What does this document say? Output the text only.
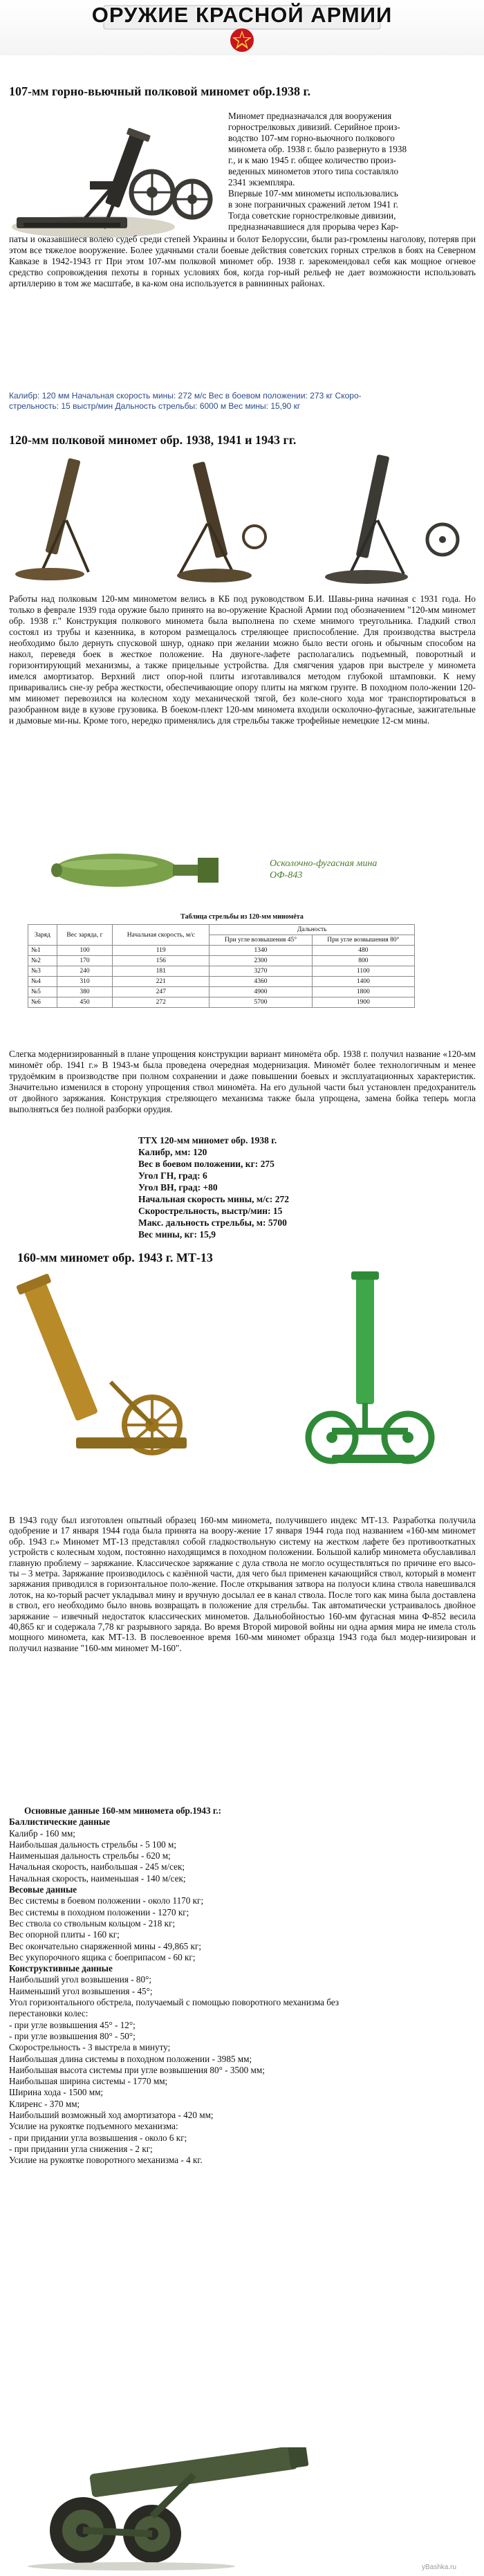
ОРУЖИЕ КРАСНОЙ АРМИИ
107-мм горно-вьючный полковой миномет обр.1938 г.
Миномет предназначался для вооружения
горнострелковых дивизий. Серийное произ-
водство 107-мм горно-вьючного полкового
миномета обр. 1938 г. было развернуто в 1938
г., и к маю 1945 г. общее количество произ-
веденных минометов этого типа составляло
2341 экземпляра.
Впервые 107-мм минометы использовались
в зоне пограничных сражений летом 1941 г.
Тогда советские горнострелковые дивизии,
предназначавшиеся для прорыва через Кар-

паты и оказавшиеся волею судеб среди степей Украины и болот Белоруссии, были раз-громлены наголову, потеряв при этом все тяжелое вооружение. Более удачными стали боевые действия советских горных стрелков в боях на Северном Кавказе в 1942-1943 гг При этом 107-мм полковой миномет обр. 1938 г. зарекомендовал себя как мощное огневое средство сопровождения пехоты в горных условиях боя, когда гор-ный рельеф не дает возможности использовать артиллерию в том же масштабе, в ка-ком она используется в равнинных районах.

Калибр: 120 мм Начальная скорость мины: 272 м/с Вес в боевом положении: 273 кг Скоро-
стрельность: 15 выстр/мин Дальность стрельбы: 6000 м Вес мины: 15,90 кг
120-мм полковой миномет обр. 1938, 1941 и 1943 гг.

Работы над полковым 120-мм минометом велись в КБ под руководством Б.И. Шавы-рина начиная с 1931 года. Но только в феврале 1939 года оружие было принято на во-оружение Красной Армии под обозначением "120-мм миномет обр. 1938 г." Конструкция полкового миномета была выполнена по схеме мнимого треугольника. Гладкий ствол состоял из трубы и казенника, в котором размещалось стреляющее приспособление. Для производства выстрела необходимо было дернуть спусковой шнур, однако при желании можно было вести огонь и обычным способом на накол, переведя боек в жесткое положение. На двуноге-лафете располагались подъемный, поворотный и горизонтирующий механизмы, а также прицельные устройства. Для смягчения ударов при выстреле у миномета имелся амортизатор. Верхний лист опор-ной плиты изготавливался методом глубокой штамповки. К нему приваривались сне-зу ребра жесткости, обеспечивающие опору плиты на мягком грунте. В походном поло-жении 120-мм миномет перевозился на колесном ходу механической тягой, без коле-сного хода мог транспортироваться в разобранном виде в кузове грузовика. В боеком-плект 120-мм миномета входили осколочно-фугасные, зажигательные и дымовые ми-ны. Кроме того, нередко применялись для стрельбы также трофейные немецкие 12-см мины.

Осколочно-фугасная мина
ОФ-843
Таблица стрельбы из 120-мм миномёта
Заряд	Вес заряда, г	Начальная скорость, м/с	Дальность	
			При угле возвышения 45°	При угле возвышения 80°
№1	100	119	1340	480
№2	170	156	2300	800
№3	240	181	3270	1100
№4	310	221	4360	1400
№5	380	247	4900	1800
№6	450	272	5700	1900

Слегка модернизированный в плане упрощения конструкции вариант миномёта обр. 1938 г. получил название «120-мм миномёт обр. 1941 г.» В 1943-м была проведена очередная модернизация. Миномёт более технологичным и менее трудоёмким в производстве при полном сохранении и даже повышении боевых и эксплуатационных характеристик. Значительно изменился в сторону упрощения ствол миномёта. На его дульной части был установлен предохранитель от двойного заряжания. Конструкция стреляющего механизма также была упрощена, замена бойка теперь могла выполняться без полной разборки орудия.

ТТХ 120-мм миномет обр. 1938 г.
Калибр, мм: 120
Вес в боевом положении, кг: 275
Угол ГН, град: 6
Угол ВН, град: +80
Начальная скорость мины, м/с: 272
Скорострельность, выстр/мин: 15
Макс. дальность стрельбы, м: 5700
Вес мины, кг: 15,9
160-мм миномет обр. 1943 г. МТ-13

В 1943 году был изготовлен опытный образец 160-мм миномета, получившего индекс МТ-13. Разработка получила одобрение и 17 января 1944 года была принята на воору-жение 17 января 1944 года под названием «160-мм миномет обр. 1943 г.» Миномет МТ-13 представлял собой гладкоствольную систему на жестком лафете без противооткатных устройств с колесным ходом, постоянно находящимся в походном положении. Большой калибр миномета обуславливал главную проблему – заряжание. Классическое заряжание с дула ствола не могло осуществляться по причине его высо-ты – 3 метра. Заряжание производилось с казённой части, для чего был применен качающийся ствол, который в момент заряжания приводился в горизонтальное поло-жение. После открывания затвора на полуоси клина ствола навешивался лоток, на ко-торый расчет укладывал мину и вручную досылал ее в канал ствола. После того как мина была доставлена в ствол, его необходимо было вновь возвращать в положение для стрельбы. Так автоматически устраивалось двойное заряжание – извечный недостаток классических минометов. Дальнобойностью 160-мм фугасная мина Ф-852 весила 40,865 кг и содержала 7,78 кг разрывного заряда. Во время Второй мировой войны ни одна армия мира не имела столь мощного миномета, как МТ-13. В послевоенное время 160-мм миномет образца 1943 года был модер-низирован и получил название "160-мм миномет М-160".

Основные данные 160-мм миномета обр.1943 г.:
Баллистические данные
Калибр - 160 мм;
Наибольшая дальность стрельбы - 5 100 м;
Наименьшая дальность стрельбы - 620 м;
Начальная скорость, наибольшая - 245 м/сек;
Начальная скорость, наименьшая - 140 м/сек;
Весовые данные
Вес системы в боевом положении - около 1170 кг;
Вес системы в походном положении - 1270 кг;
Вес ствола со ствольным кольцом - 218 кг;
Вес опорной плиты - 160 кг;
Вес окончательно снаряженной мины - 49,865 кг;
Вес укупорочного ящика с боеприпасом - 60 кг;
Конструктивные данные
Наибольший угол возвышения - 80°;
Наименьший угол возвышения - 45°;
Угол горизонтального обстрела, получаемый с помощью поворотного механизма без
перестановки колес:
- при угле возвышения 45° - 12°;
- при угле возвышения 80° - 50°;
Скорострельность - 3 выстрела в минуту;
Наибольшая длина системы в походном положении - 3985 мм;
Наибольшая высота системы при угле возвышения 80° - 3500 мм;
Наибольшая ширина системы - 1770 мм;
Ширина хода - 1500 мм;
Клиренс - 370 мм;
Наибольший возможный ход амортизатора - 420 мм;
Усилие на рукоятке подъемного механизма:
- при придании угла возвышения - около 6 кг;
- при придании угла снижения - 2 кг;
Усилие на рукоятке поворотного механизма - 4 кг.
yBashka.ru
